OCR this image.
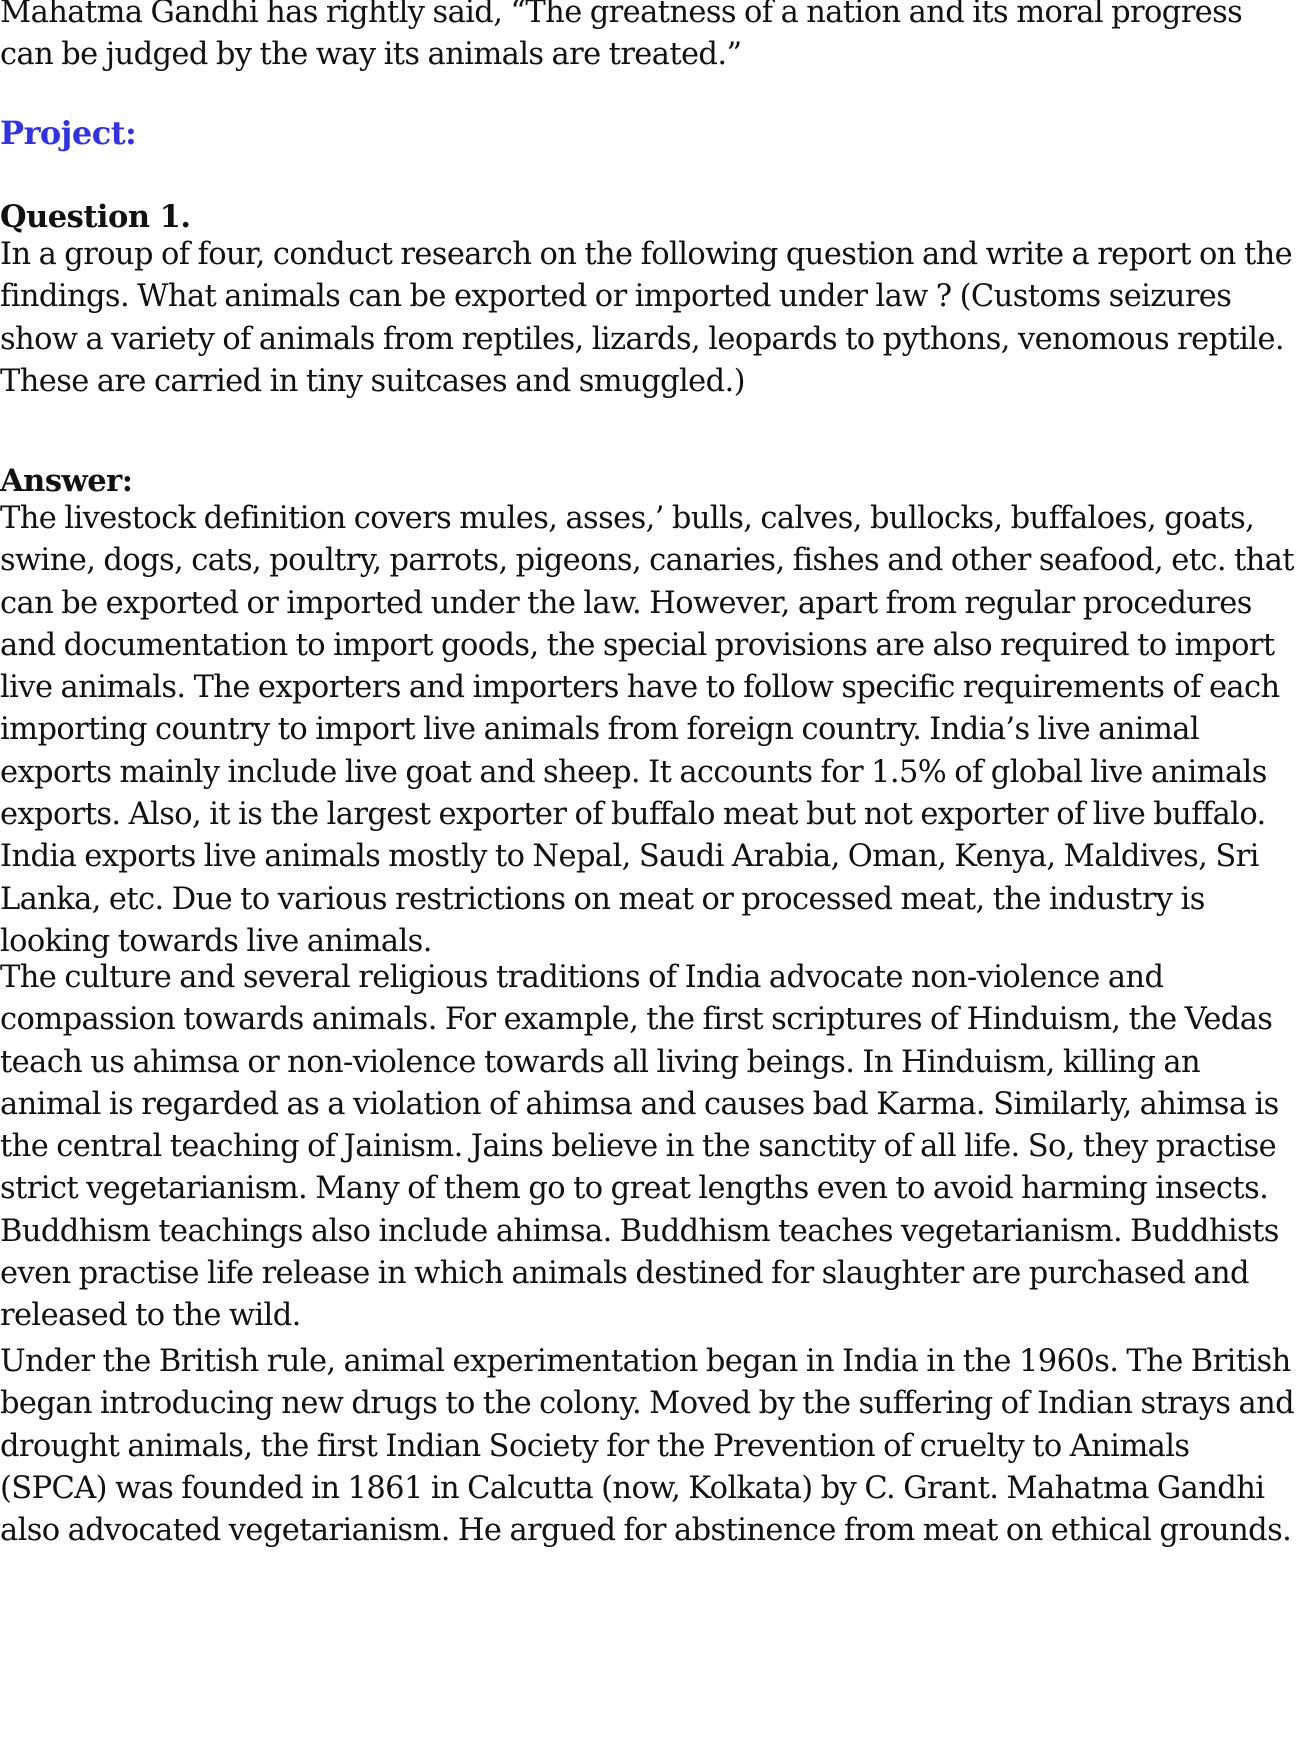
Mahatma Gandhi has rightly said, “The greatness of a nation and its moral progress can be judged by the way its animals are treated.”

Project:
Question 1.

In a group of four, conduct research on the following question and write a report on the findings. What animals can be exported or imported under law ? (Customs seizures show a variety of animals from reptiles, lizards, leopards to pythons, venomous reptile. These are carried in tiny suitcases and smuggled.)

Answer:

The livestock definition covers mules, asses,’ bulls, calves, bullocks, buffaloes, goats, swine, dogs, cats, poultry, parrots, pigeons, canaries, fishes and other seafood, etc. that can be exported or imported under the law. However, apart from regular procedures and documentation to import goods, the special provisions are also required to import live animals. The exporters and importers have to follow specific requirements of each importing country to import live animals from foreign country. India’s live animal exports mainly include live goat and sheep. It accounts for 1.5% of global live animals exports. Also, it is the largest exporter of buffalo meat but not exporter of live buffalo. India exports live animals mostly to Nepal, Saudi Arabia, Oman, Kenya, Maldives, Sri Lanka, etc. Due to various restrictions on meat or processed meat, the industry is looking towards live animals.

The culture and several religious traditions of India advocate non-violence and compassion towards animals. For example, the first scriptures of Hinduism, the Vedas teach us ahimsa or non-violence towards all living beings. In Hinduism, killing an animal is regarded as a violation of ahimsa and causes bad Karma. Similarly, ahimsa is the central teaching of Jainism. Jains believe in the sanctity of all life. So, they practise strict vegetarianism. Many of them go to great lengths even to avoid harming insects. Buddhism teachings also include ahimsa. Buddhism teaches vegetarianism. Buddhists even practise life release in which animals destined for slaughter are purchased and released to the wild.

Under the British rule, animal experimentation began in India in the 1960s. The British began introducing new drugs to the colony. Moved by the suffering of Indian strays and drought animals, the first Indian Society for the Prevention of cruelty to Animals (SPCA) was founded in 1861 in Calcutta (now, Kolkata) by C. Grant. Mahatma Gandhi also advocated vegetarianism. He argued for abstinence from meat on ethical grounds.
